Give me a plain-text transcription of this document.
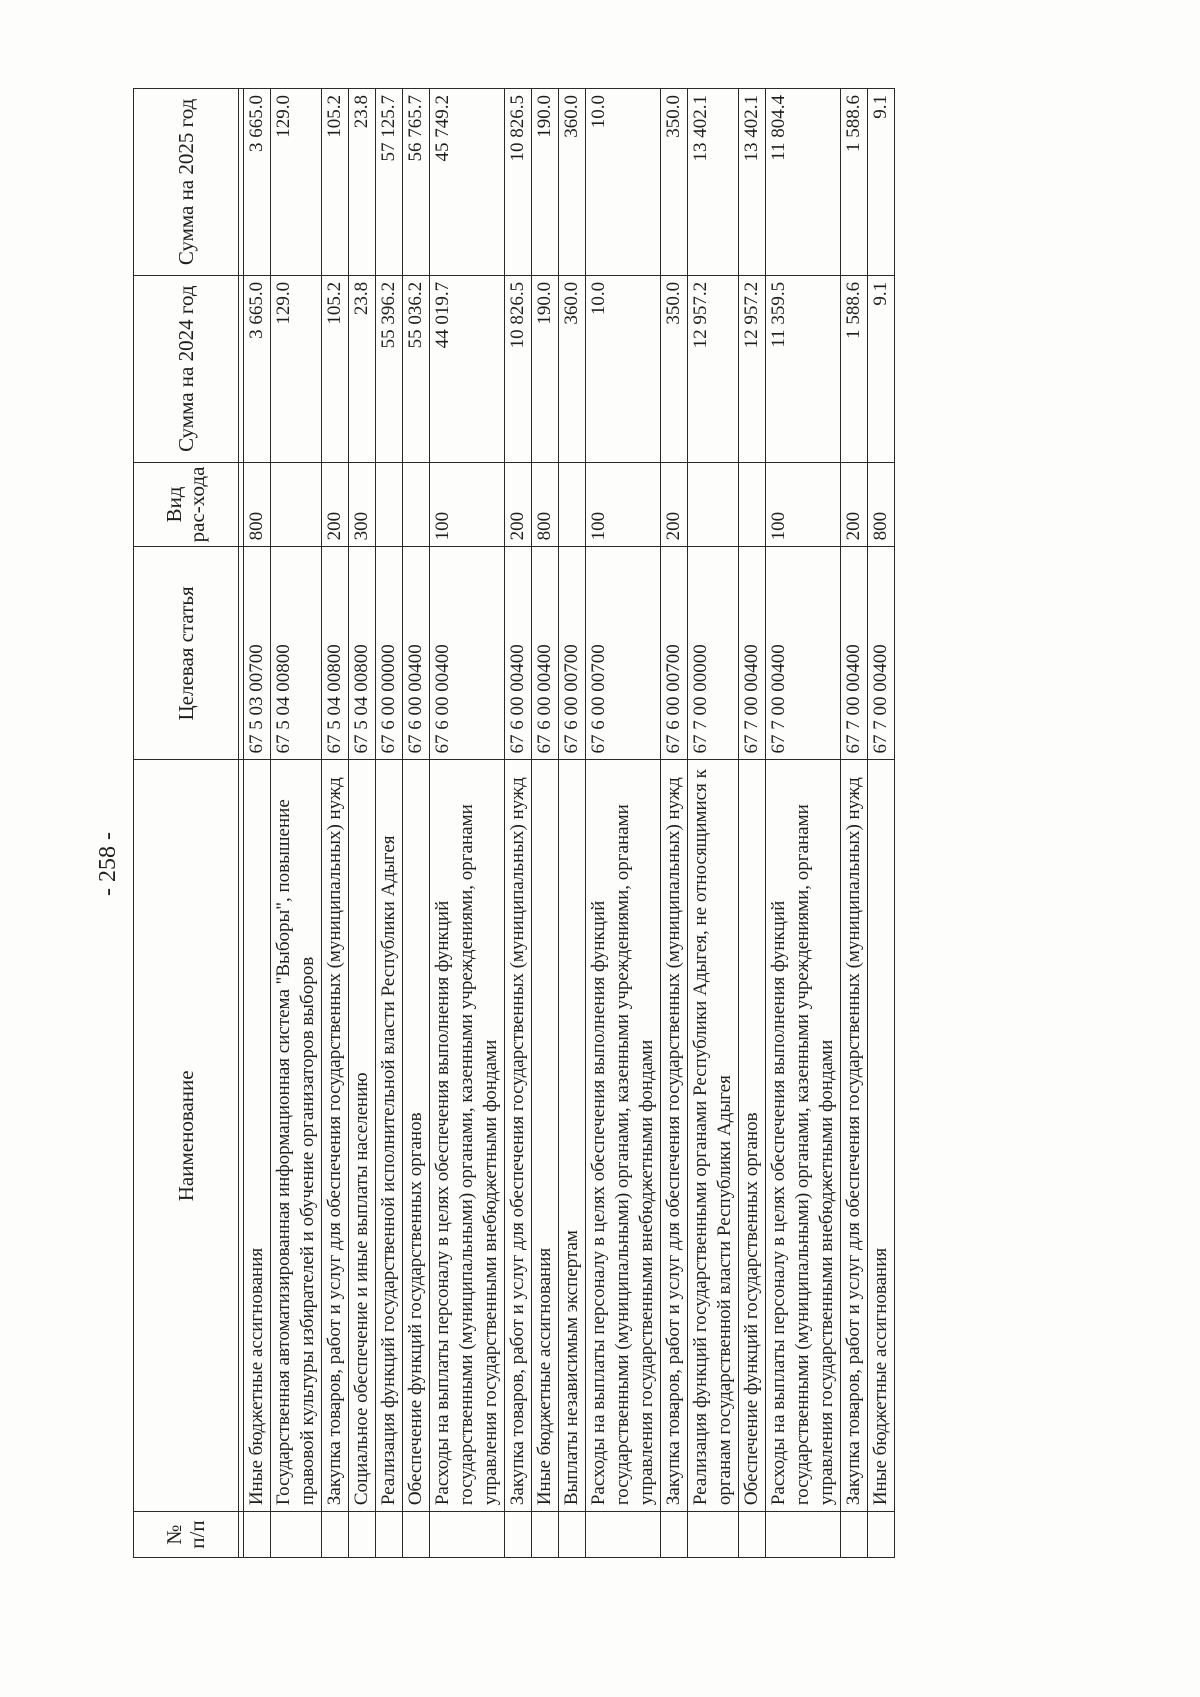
- 258 -
№ п/п	Наименование	Целевая статья	Вид рас-хода	Сумма на 2024 год	Сумма на 2025 год

	Иные бюджетные ассигнования	67 5 03 00700	800	3 665.0	3 665.0
	Государственная автоматизированная информационная система "Выборы", повышение правовой культуры избирателей и обучение организаторов выборов	67 5 04 00800		129.0	129.0
	Закупка товаров, работ и услуг для обеспечения государственных (муниципальных) нужд	67 5 04 00800	200	105.2	105.2
	Социальное обеспечение и иные выплаты населению	67 5 04 00800	300	23.8	23.8
	Реализация функций государственной исполнительной власти Республики Адыгея	67 6 00 00000		55 396.2	57 125.7
	Обеспечение функций государственных органов	67 6 00 00400		55 036.2	56 765.7
	Расходы на выплаты персоналу в целях обеспечения выполнения функций государственными (муниципальными) органами, казенными учреждениями, органами управления государственными внебюджетными фондами	67 6 00 00400	100	44 019.7	45 749.2
	Закупка товаров, работ и услуг для обеспечения государственных (муниципальных) нужд	67 6 00 00400	200	10 826.5	10 826.5
	Иные бюджетные ассигнования	67 6 00 00400	800	190.0	190.0
	Выплаты независимым экспертам	67 6 00 00700		360.0	360.0
	Расходы на выплаты персоналу в целях обеспечения выполнения функций государственными (муниципальными) органами, казенными учреждениями, органами управления государственными внебюджетными фондами	67 6 00 00700	100	10.0	10.0
	Закупка товаров, работ и услуг для обеспечения государственных (муниципальных) нужд	67 6 00 00700	200	350.0	350.0
	Реализация функций государственными органами Республики Адыгея, не относящимися к органам государственной власти Республики Адыгея	67 7 00 00000		12 957.2	13 402.1
	Обеспечение функций государственных органов	67 7 00 00400		12 957.2	13 402.1
	Расходы на выплаты персоналу в целях обеспечения выполнения функций государственными (муниципальными) органами, казенными учреждениями, органами управления государственными внебюджетными фондами	67 7 00 00400	100	11 359.5	11 804.4
	Закупка товаров, работ и услуг для обеспечения государственных (муниципальных) нужд	67 7 00 00400	200	1 588.6	1 588.6
	Иные бюджетные ассигнования	67 7 00 00400	800	9.1	9.1
